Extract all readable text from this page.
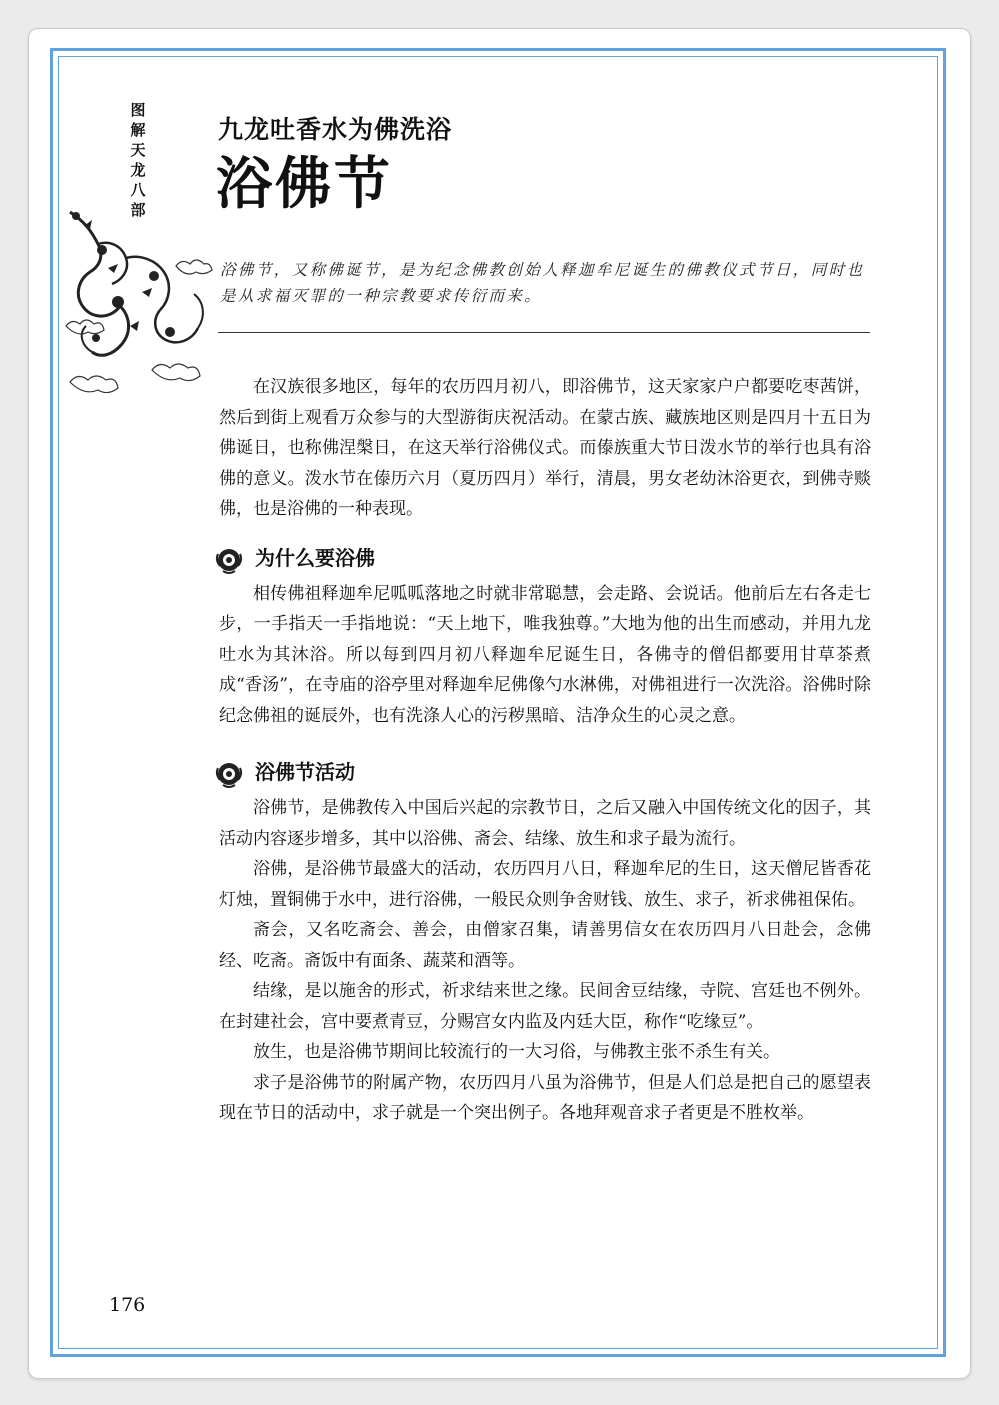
图
解
天
龙
八
部
九龙吐香水为佛洗浴
浴佛节
浴佛节，又称佛诞节，是为纪念佛教创始人释迦牟尼诞生的佛教仪式节日，同时也是从求福灭罪的一种宗教要求传衍而来。

在汉族很多地区，每年的农历四月初八，即浴佛节，这天家家户户都要吃枣茜饼，然后到街上观看万众参与的大型游街庆祝活动。在蒙古族、藏族地区则是四月十五日为佛诞日，也称佛涅槃日，在这天举行浴佛仪式。而傣族重大节日泼水节的举行也具有浴佛的意义。泼水节在傣历六月（夏历四月）举行，清晨，男女老幼沐浴更衣，到佛寺赕佛，也是浴佛的一种表现。

为什么要浴佛

相传佛祖释迦牟尼呱呱落地之时就非常聪慧，会走路、会说话。他前后左右各走七步，一手指天一手指地说：“天上地下，唯我独尊。”大地为他的出生而感动，并用九龙吐水为其沐浴。所以每到四月初八释迦牟尼诞生日，各佛寺的僧侣都要用甘草茶煮成“香汤”，在寺庙的浴亭里对释迦牟尼佛像勺水淋佛，对佛祖进行一次洗浴。浴佛时除纪念佛祖的诞辰外，也有洗涤人心的污秽黑暗、洁净众生的心灵之意。

浴佛节活动

浴佛节，是佛教传入中国后兴起的宗教节日，之后又融入中国传统文化的因子，其活动内容逐步增多，其中以浴佛、斋会、结缘、放生和求子最为流行。

浴佛，是浴佛节最盛大的活动，农历四月八日，释迦牟尼的生日，这天僧尼皆香花灯烛，置铜佛于水中，进行浴佛，一般民众则争舍财钱、放生、求子，祈求佛祖保佑。

斋会，又名吃斋会、善会，由僧家召集，请善男信女在农历四月八日赴会，念佛经、吃斋。斋饭中有面条、蔬菜和酒等。

结缘，是以施舍的形式，祈求结来世之缘。民间舍豆结缘，寺院、宫廷也不例外。在封建社会，宫中要煮青豆，分赐宫女内监及内廷大臣，称作“吃缘豆”。

放生，也是浴佛节期间比较流行的一大习俗，与佛教主张不杀生有关。

求子是浴佛节的附属产物，农历四月八虽为浴佛节，但是人们总是把自己的愿望表现在节日的活动中，求子就是一个突出例子。各地拜观音求子者更是不胜枚举。

176
